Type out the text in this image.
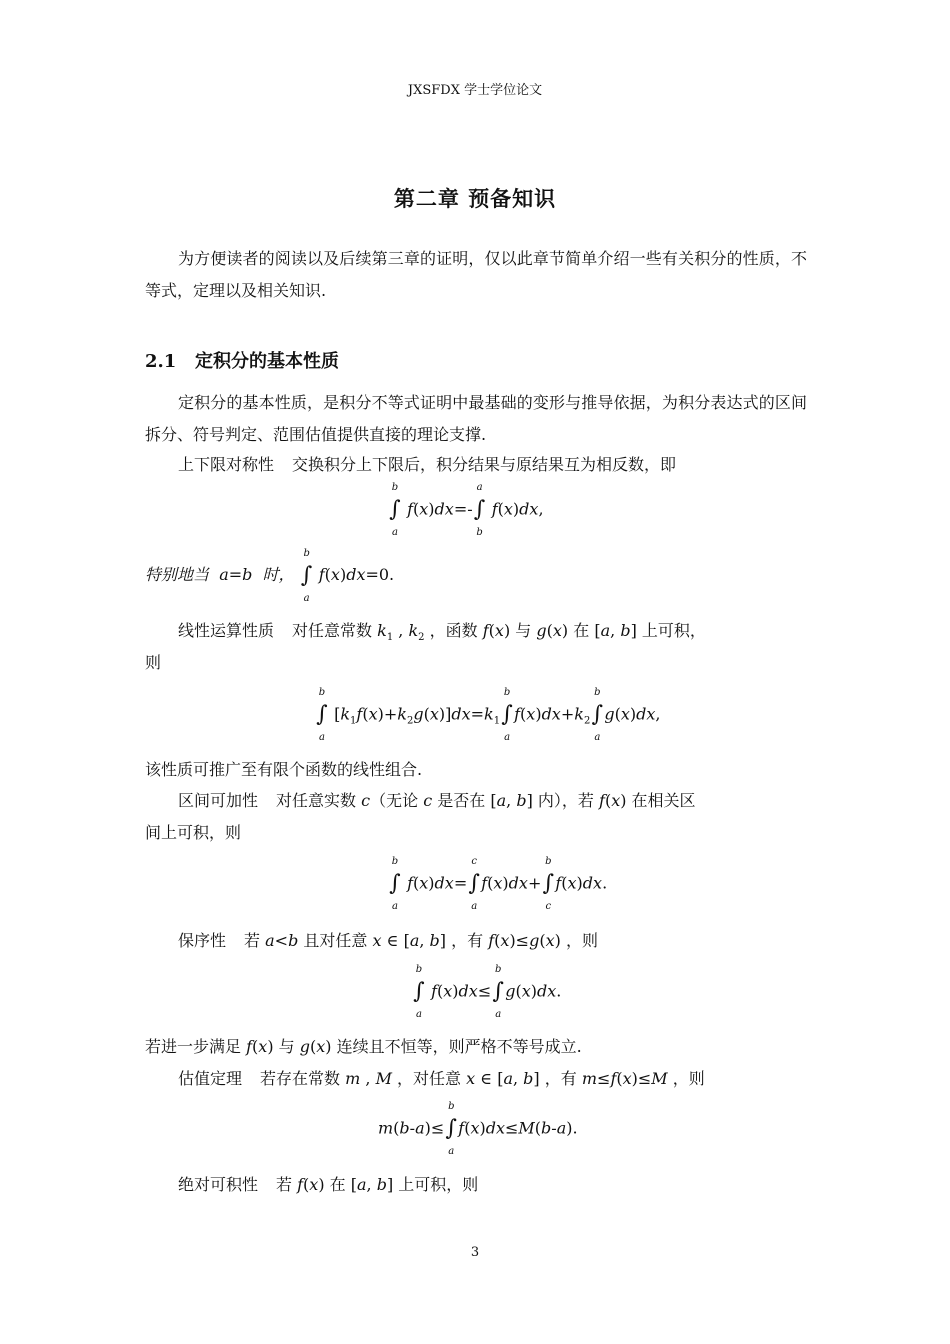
JXSFDX 学士学位论文
第二章 预备知识
为方便读者的阅读以及后续第三章的证明，仅以此章节简单介绍一些有关积分的性质，不等式，定理以及相关知识.
2.1 定积分的基本性质
定积分的基本性质，是积分不等式证明中最基础的变形与推导依据，为积分表达式的区间拆分、符号判定、范围估值提供直接的理论支撑.
上下限对称性 交换积分上下限后，积分结果与原结果互为相反数，即
b
∫
a
f(x)dx=-
a
∫
b
f(x)dx,
特别地当 a=b 时，
b
∫
a
f(x)dx=0.
线性运算性质 对任意常数 $k_1$ , $k_2$ ，函数 f(x) 与 g(x) 在 [a, b] 上可积，
则
b
∫
a
$[k_1f(x)+k_2g(x)]dx=k_1$
b
∫
a
$f(x)dx+k_2$
b
∫
a
g(x)dx,
该性质可推广至有限个函数的线性组合.
区间可加性 对任意实数 c（无论 c 是否在 [a, b] 内），若 f(x) 在相关区
间上可积，则
b
∫
a
f(x)dx=
c
∫
a
f(x)dx+
b
∫
c
f(x)dx.
保序性 若 a<b 且对任意 x ∈ [a, b] ，有 f(x)≤g(x) ，则
b
∫
a
f(x)dx≤
b
∫
a
g(x)dx.
若进一步满足 f(x) 与 g(x) 连续且不恒等，则严格不等号成立.
估值定理 若存在常数 m , M ，对任意 x ∈ [a, b] ，有 m≤f(x)≤M ，则
m(b-a)≤
b
∫
a
f(x)dx≤M(b-a).
绝对可积性 若 f(x) 在 [a, b] 上可积，则
3
